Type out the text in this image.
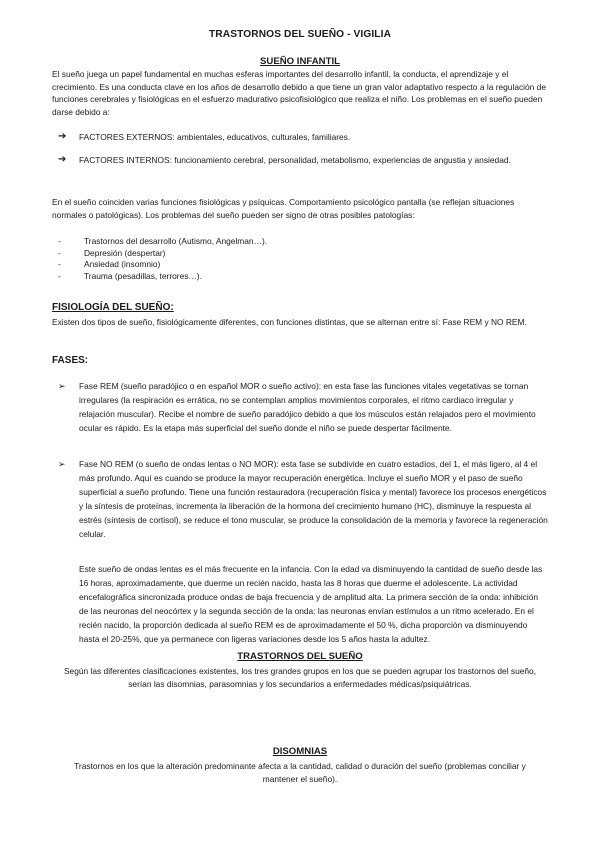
TRASTORNOS DEL SUEÑO - VIGILIA
SUEÑO INFANTIL
El sueño juega un papel fundamental en muchas esferas importantes del desarrollo infantil, la conducta, el aprendizaje y el crecimiento. Es una conducta clave en los años de desarrollo debido a que tiene un gran valor adaptativo respecto a la regulación de funciones cerebrales y fisiológicas en el esfuerzo madurativo psicofisiológico que realiza el niño. Los problemas en el sueño pueden darse debido a:
➔	FACTORES EXTERNOS: ambientales, educativos, culturales, familiares.
➔	FACTORES INTERNOS: funcionamiento cerebral, personalidad, metabolismo, experiencias de angustia y ansiedad.
En el sueño coinciden varias funciones fisiológicas y psíquicas. Comportamiento psicológico pantalla (se reflejan situaciones normales o patológicas). Los problemas del sueño pueden ser signo de otras posibles patologías:
-	Trastornos del desarrollo (Autismo, Angelman…).
-	Depresión (despertar)
-	Ansiedad (insomnio)
-	Trauma (pesadillas, terrores…).
FISIOLOGÍA DEL SUEÑO:
Existen dos tipos de sueño, fisiológicamente diferentes, con funciones distintas, que se alternan entre sí: Fase REM y NO REM.
FASES:
➢	Fase REM (sueño paradójico o en español MOR o sueño activo): en esta fase las funciones vitales vegetativas se tornan irregulares (la respiración es errática, no se contemplan amplios movimientos corporales, el ritmo cardiaco irregular y relajación muscular). Recibe el nombre de sueño paradójico debido a que los músculos están relajados pero el movimiento ocular es rápido. Es la etapa más superficial del sueño donde el niño se puede despertar fácilmente.
➢	Fase NO REM (o sueño de ondas lentas o NO MOR): esta fase se subdivide en cuatro estadíos, del 1, el más ligero, al 4 el más profundo. Aquí es cuando se produce la mayor recuperación energética. Incluye el sueño MOR y el paso de sueño superficial a sueño profundo. Tiene una función restauradora (recuperación física y mental) favorece los procesos energéticos y la síntesis de proteínas, incrementa la liberación de la hormona del crecimiento humano (HC), disminuye la respuesta al estrés (síntesis de cortisol), se reduce el tono muscular, se produce la consolidación de la memoria y favorece la regeneración celular.
Este sueño de ondas lentas es el más frecuente en la infancia. Con la edad va disminuyendo la cantidad de sueño desde las 16 horas, aproximadamente, que duerme un recién nacido, hasta las 8 horas que duerme el adolescente. La actividad encefalográfica sincronizada produce ondas de baja frecuencia y de amplitud alta. La primera sección de la onda: inhibición de las neuronas del neocórtex y la segunda sección de la onda: las neuronas envían estímulos a un ritmo acelerado. En el recién nacido, la proporción dedicada al sueño REM es de aproximadamente el 50 %, dicha proporción va disminuyendo hasta el 20-25%, que ya permanece con ligeras variaciones desde los 5 años hasta la adultez.
TRASTORNOS DEL SUEÑO
Según las diferentes clasificaciones existentes, los tres grandes grupos en los que se pueden agrupar los trastornos del sueño, serían las disomnias, parasomnias y los secundarios a enfermedades médicas/psiquiátricas.
DISOMNIAS
Trastornos en los que la alteración predominante afecta a la cantidad, calidad o duración del sueño (problemas conciliar y mantener el sueño).
